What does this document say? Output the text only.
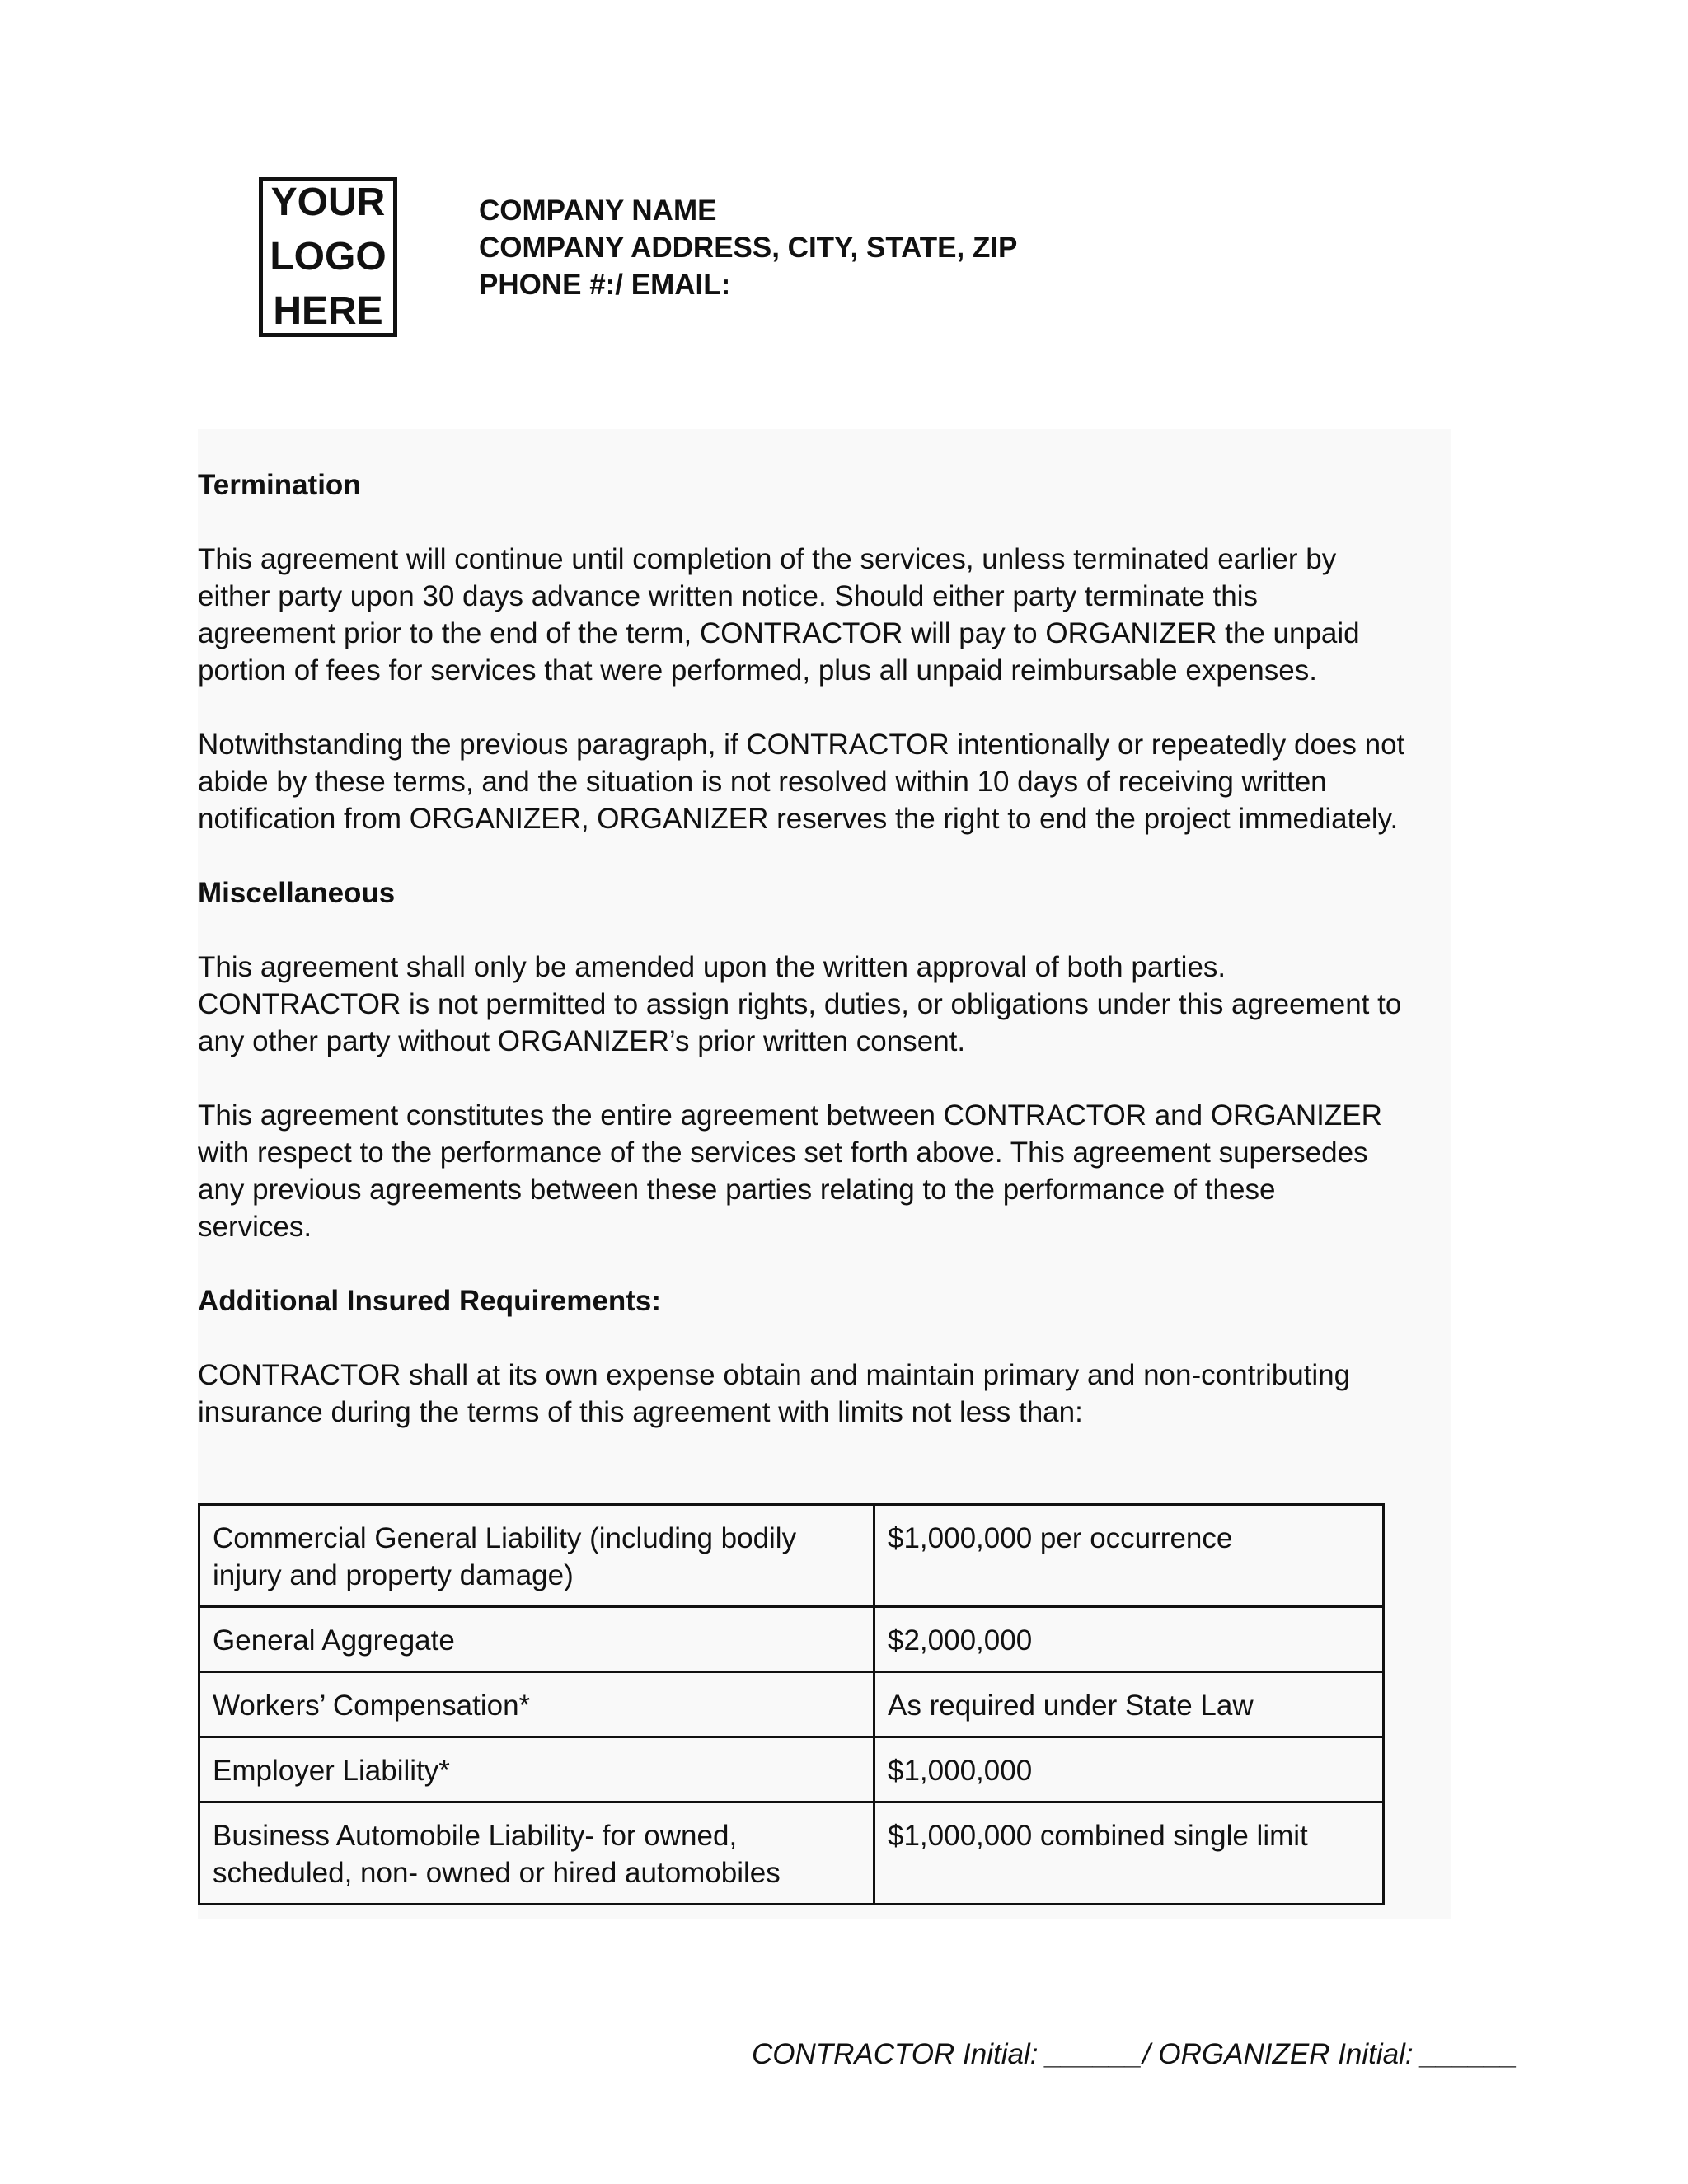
YOUR
LOGO
HERE
COMPANY NAME
COMPANY ADDRESS, CITY, STATE, ZIP
PHONE #:/ EMAIL:
Termination

This agreement will continue until completion of the services, unless terminated earlier by

either party upon 30 days advance written notice. Should either party terminate this

agreement prior to the end of the term, CONTRACTOR will pay to ORGANIZER the unpaid

portion of fees for services that were performed, plus all unpaid reimbursable expenses.

Notwithstanding the previous paragraph, if CONTRACTOR intentionally or repeatedly does not

abide by these terms, and the situation is not resolved within 10 days of receiving written

notification from ORGANIZER, ORGANIZER reserves the right to end the project immediately.

Miscellaneous

This agreement shall only be amended upon the written approval of both parties.

CONTRACTOR is not permitted to assign rights, duties, or obligations under this agreement to

any other party without ORGANIZER’s prior written consent.

This agreement constitutes the entire agreement between CONTRACTOR and ORGANIZER

with respect to the performance of the services set forth above. This agreement supersedes

any previous agreements between these parties relating to the performance of these

services.

Additional Insured Requirements:

CONTRACTOR shall at its own expense obtain and maintain primary and non-contributing

insurance during the terms of this agreement with limits not less than:

Commercial General Liability (including bodily
injury and property damage)	$1,000,000 per occurrence

General Aggregate	$2,000,000

Workers’ Compensation*	As required under State Law

Employer Liability*	$1,000,000

Business Automobile Liability- for owned,
scheduled, non- owned or hired automobiles	$1,000,000 combined single limit
CONTRACTOR Initial: ______/ ORGANIZER Initial: ______
